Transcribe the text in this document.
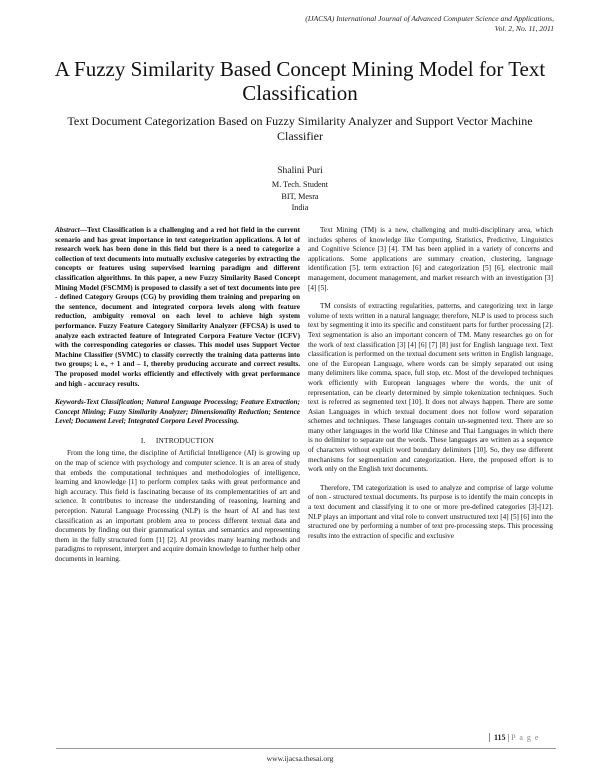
(IJACSA) International Journal of Advanced Computer Science and Applications,
Vol. 2, No. 11, 2011
A Fuzzy Similarity Based Concept Mining Model for Text Classification
Text Document Categorization Based on Fuzzy Similarity Analyzer and Support Vector Machine Classifier
Shalini Puri
M. Tech. Student
BIT, Mesra
India

Abstract—Text Classification is a challenging and a red hot field in the current scenario and has great importance in text categorization applications. A lot of research work has been done in this field but there is a need to categorize a collection of text documents into mutually exclusive categories by extracting the concepts or features using supervised learning paradigm and different classification algorithms. In this paper, a new Fuzzy Similarity Based Concept Mining Model (FSCMM) is proposed to classify a set of text documents into pre - defined Category Groups (CG) by providing them training and preparing on the sentence, document and integrated corpora levels along with feature reduction, ambiguity removal on each level to achieve high system performance. Fuzzy Feature Category Similarity Analyzer (FFCSA) is used to analyze each extracted feature of Integrated Corpora Feature Vector (ICFV) with the corresponding categories or classes. This model uses Support Vector Machine Classifier (SVMC) to classify correctly the training data patterns into two groups; i. e., + 1 and – 1, thereby producing accurate and correct results. The proposed model works efficiently and effectively with great performance and high - accuracy results.

Keywords-Text Classification; Natural Language Processing; Feature Extraction; Concept Mining; Fuzzy Similarity Analyzer; Dimensionality Reduction; Sentence Level; Document Level; Integrated Corpora Level Processing.

I.     INTRODUCTION

From the long time, the discipline of Artificial Intelligence (AI) is growing up on the map of science with psychology and computer science. It is an area of study that embeds the computational techniques and methodologies of intelligence, learning and knowledge [1] to perform complex tasks with great performance and high accuracy. This field is fascinating because of its complementarities of art and science. It contributes to increase the understanding of reasoning, learning and perception. Natural Language Processing (NLP) is the heart of AI and has text classification as an important problem area to process different textual data and documents by finding out their grammatical syntax and semantics and representing them in the fully structured form [1] [2]. AI provides many learning methods and paradigms to represent, interpret and acquire domain knowledge to further help other documents in learning.

Text Mining (TM) is a new, challenging and multi-disciplinary area, which includes spheres of knowledge like Computing, Statistics, Predictive, Linguistics and Cognitive Science [3] [4]. TM has been applied in a variety of concerns and applications. Some applications are summary creation, clustering, language identification [5], term extraction [6] and categorization [5] [6], electronic mail management, document management, and market research with an investigation [3] [4] [5].

TM consists of extracting regularities, patterns, and categorizing text in large volume of texts written in a natural language; therefore, NLP is used to process such text by segmenting it into its specific and constituent parts for further processing [2]. Text segmentation is also an important concern of TM. Many researches go on for the work of text classification [3] [4] [6] [7] [8] just for English language text. Text classification is performed on the textual document sets written in English language, one of the European Language, where words can be simply separated out using many delimiters like comma, space, full stop, etc. Most of the developed techniques work efficiently with European languages where the words, the unit of representation, can be clearly determined by simple tokenization techniques. Such text is referred as segmented text [10]. It does not always happen. There are some Asian Languages in which textual document does not follow word separation schemes and techniques. These languages contain un-segmented text. There are so many other languages in the world like Chinese and Thai Languages in which there is no delimiter to separate out the words. These languages are written as a sequence of characters without explicit word boundary delimiters [10]. So, they use different mechanisms for segmentation and categorization. Here, the proposed effort is to work only on the English text documents.

Therefore, TM categorization is used to analyze and comprise of large volume of non - structured textual documents. Its purpose is to identify the main concepts in a text document and classifying it to one or more pre-defined categories [3]-[12]. NLP plays an important and vital role to convert unstructured text [4] [5] [6] into the structured one by performing a number of text pre-processing steps. This processing results into the extraction of specific and exclusive

115 | P a g e
www.ijacsa.thesai.org
